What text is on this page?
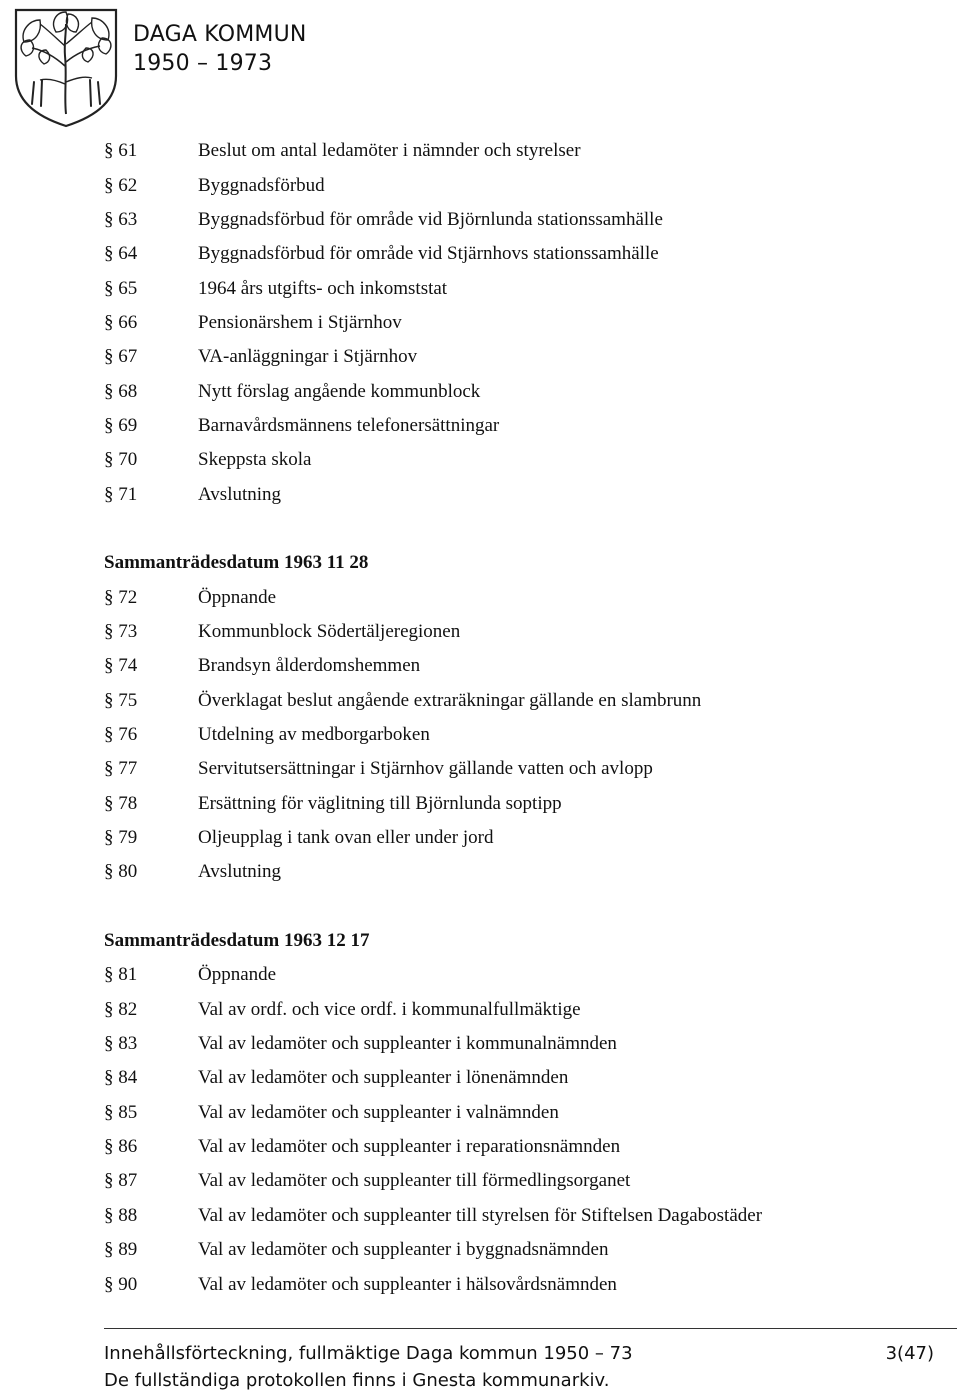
DAGA KOMMUN
1950 – 1973
§ 61	Beslut om antal ledamöter i nämnder och styrelser
§ 62	Byggnadsförbud
§ 63	Byggnadsförbud för område vid Björnlunda stationssamhälle
§ 64	Byggnadsförbud för område vid Stjärnhovs stationssamhälle
§ 65	1964 års utgifts- och inkomststat
§ 66	Pensionärshem i Stjärnhov
§ 67	VA-anläggningar i Stjärnhov
§ 68	Nytt förslag angående kommunblock
§ 69	Barnavårdsmännens telefonersättningar
§ 70	Skeppsta skola
§ 71	Avslutning
Sammanträdesdatum 1963 11 28
§ 72	Öppnande
§ 73	Kommunblock Södertäljeregionen
§ 74	Brandsyn ålderdomshemmen
§ 75	Överklagat beslut angående extraräkningar gällande en slambrunn
§ 76	Utdelning av medborgarboken
§ 77	Servitutsersättningar i Stjärnhov gällande vatten och avlopp
§ 78	Ersättning för väglitning till Björnlunda soptipp
§ 79	Oljeupplag i tank ovan eller under jord
§ 80	Avslutning
Sammanträdesdatum 1963 12 17
§ 81	Öppnande
§ 82	Val av ordf. och vice ordf. i kommunalfullmäktige
§ 83	Val av ledamöter och suppleanter i kommunalnämnden
§ 84	Val av ledamöter och suppleanter i lönenämnden
§ 85	Val av ledamöter och suppleanter i valnämnden
§ 86	Val av ledamöter och suppleanter i reparationsnämnden
§ 87	Val av ledamöter och suppleanter till förmedlingsorganet
§ 88	Val av ledamöter och suppleanter till styrelsen för Stiftelsen Dagabostäder
§ 89	Val av ledamöter och suppleanter i byggnadsnämnden
§ 90	Val av ledamöter och suppleanter i hälsovårdsnämnden
Innehållsförteckning, fullmäktige Daga kommun 1950 – 73	3(47)
De fullständiga protokollen finns i Gnesta kommunarkiv.
